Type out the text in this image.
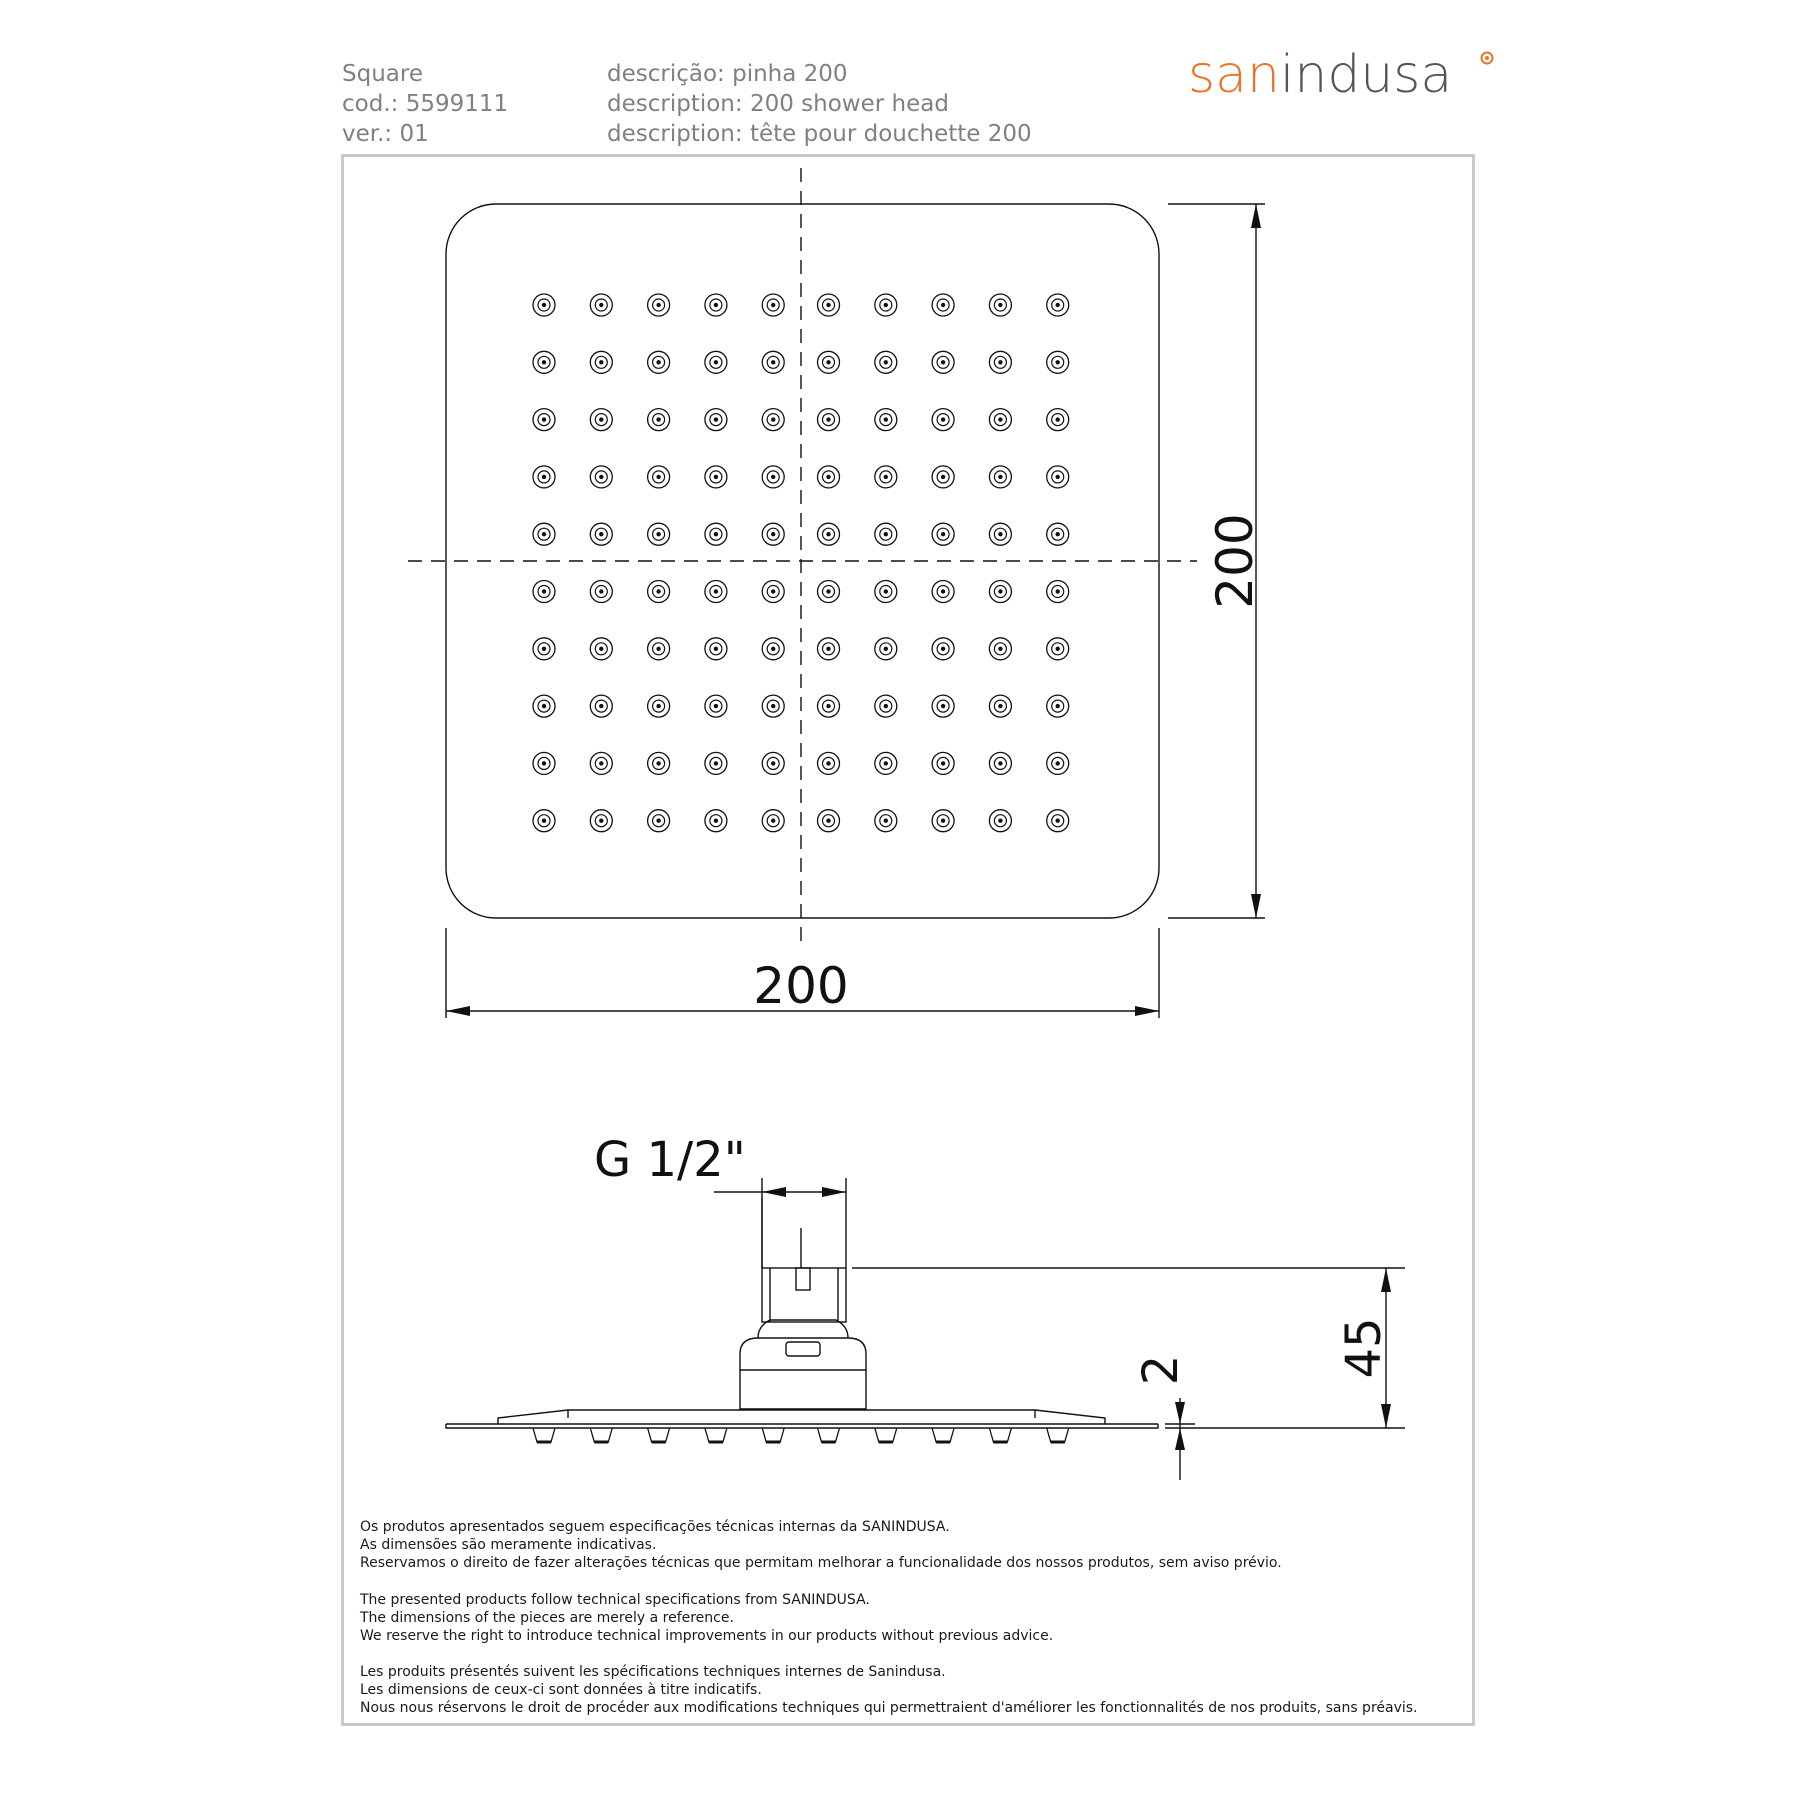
Square
cod.: 5599111
ver.: 01
descrição: pinha 200
description: 200 shower head
description: tête pour douchette 200
sanindusa
200
200
G 1/2"
45
2
Os produtos apresentados seguem especificações técnicas internas da SANINDUSA.
As dimensões são meramente indicativas.
Reservamos o direito de fazer alterações técnicas que permitam melhorar a funcionalidade dos nossos produtos, sem aviso prévio.
The presented products follow technical specifications from SANINDUSA.
The dimensions of the pieces are merely a reference.
We reserve the right to introduce technical improvements in our products without previous advice.
Les produits présentés suivent les spécifications techniques internes de Sanindusa.
Les dimensions de ceux-ci sont données à titre indicatifs.
Nous nous réservons le droit de procéder aux modifications techniques qui permettraient d'améliorer les fonctionnalités de nos produits, sans préavis.
